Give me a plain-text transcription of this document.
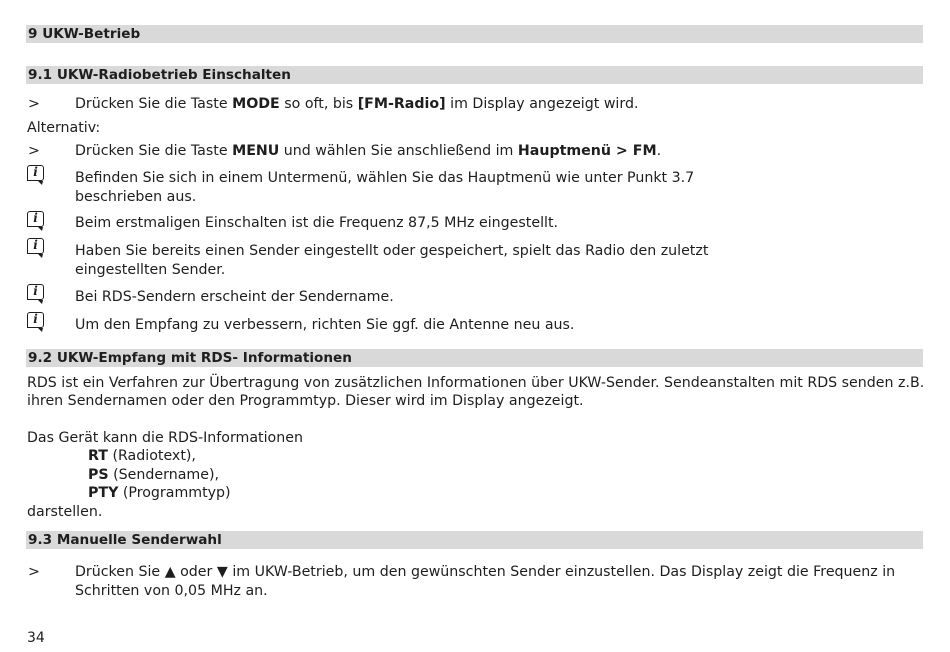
9 UKW-Betrieb
9.1 UKW-Radiobetrieb Einschalten
> Drücken Sie die Taste MODE so oft, bis [FM-Radio] im Display angezeigt wird.
Alternativ:
> Drücken Sie die Taste MENU und wählen Sie anschließend im Hauptmenü > FM.
i	Befinden Sie sich in einem Untermenü, wählen Sie das Hauptmenü wie unter Punkt 3.7
beschrieben aus.
i	Beim erstmaligen Einschalten ist die Frequenz 87,5 MHz eingestellt.
i	Haben Sie bereits einen Sender eingestellt oder gespeichert, spielt das Radio den zuletzt
eingestellten Sender.
i	Bei RDS-Sendern erscheint der Sendername.
i	Um den Empfang zu verbessern, richten Sie ggf. die Antenne neu aus.
9.2 UKW-Empfang mit RDS- Informationen
RDS ist ein Verfahren zur Übertragung von zusätzlichen Informationen über UKW-Sender. Sendeanstalten mit RDS senden z.B.
ihren Sendernamen oder den Programmtyp. Dieser wird im Display angezeigt.
Das Gerät kann die RDS-Informationen
RT (Radiotext),
PS (Sendername),
PTY (Programmtyp)
darstellen.
9.3 Manuelle Senderwahl
> Drücken Sie ▲ oder ▼ im UKW-Betrieb, um den gewünschten Sender einzustellen. Das Display zeigt die Frequenz in
Schritten von 0,05 MHz an.
34
